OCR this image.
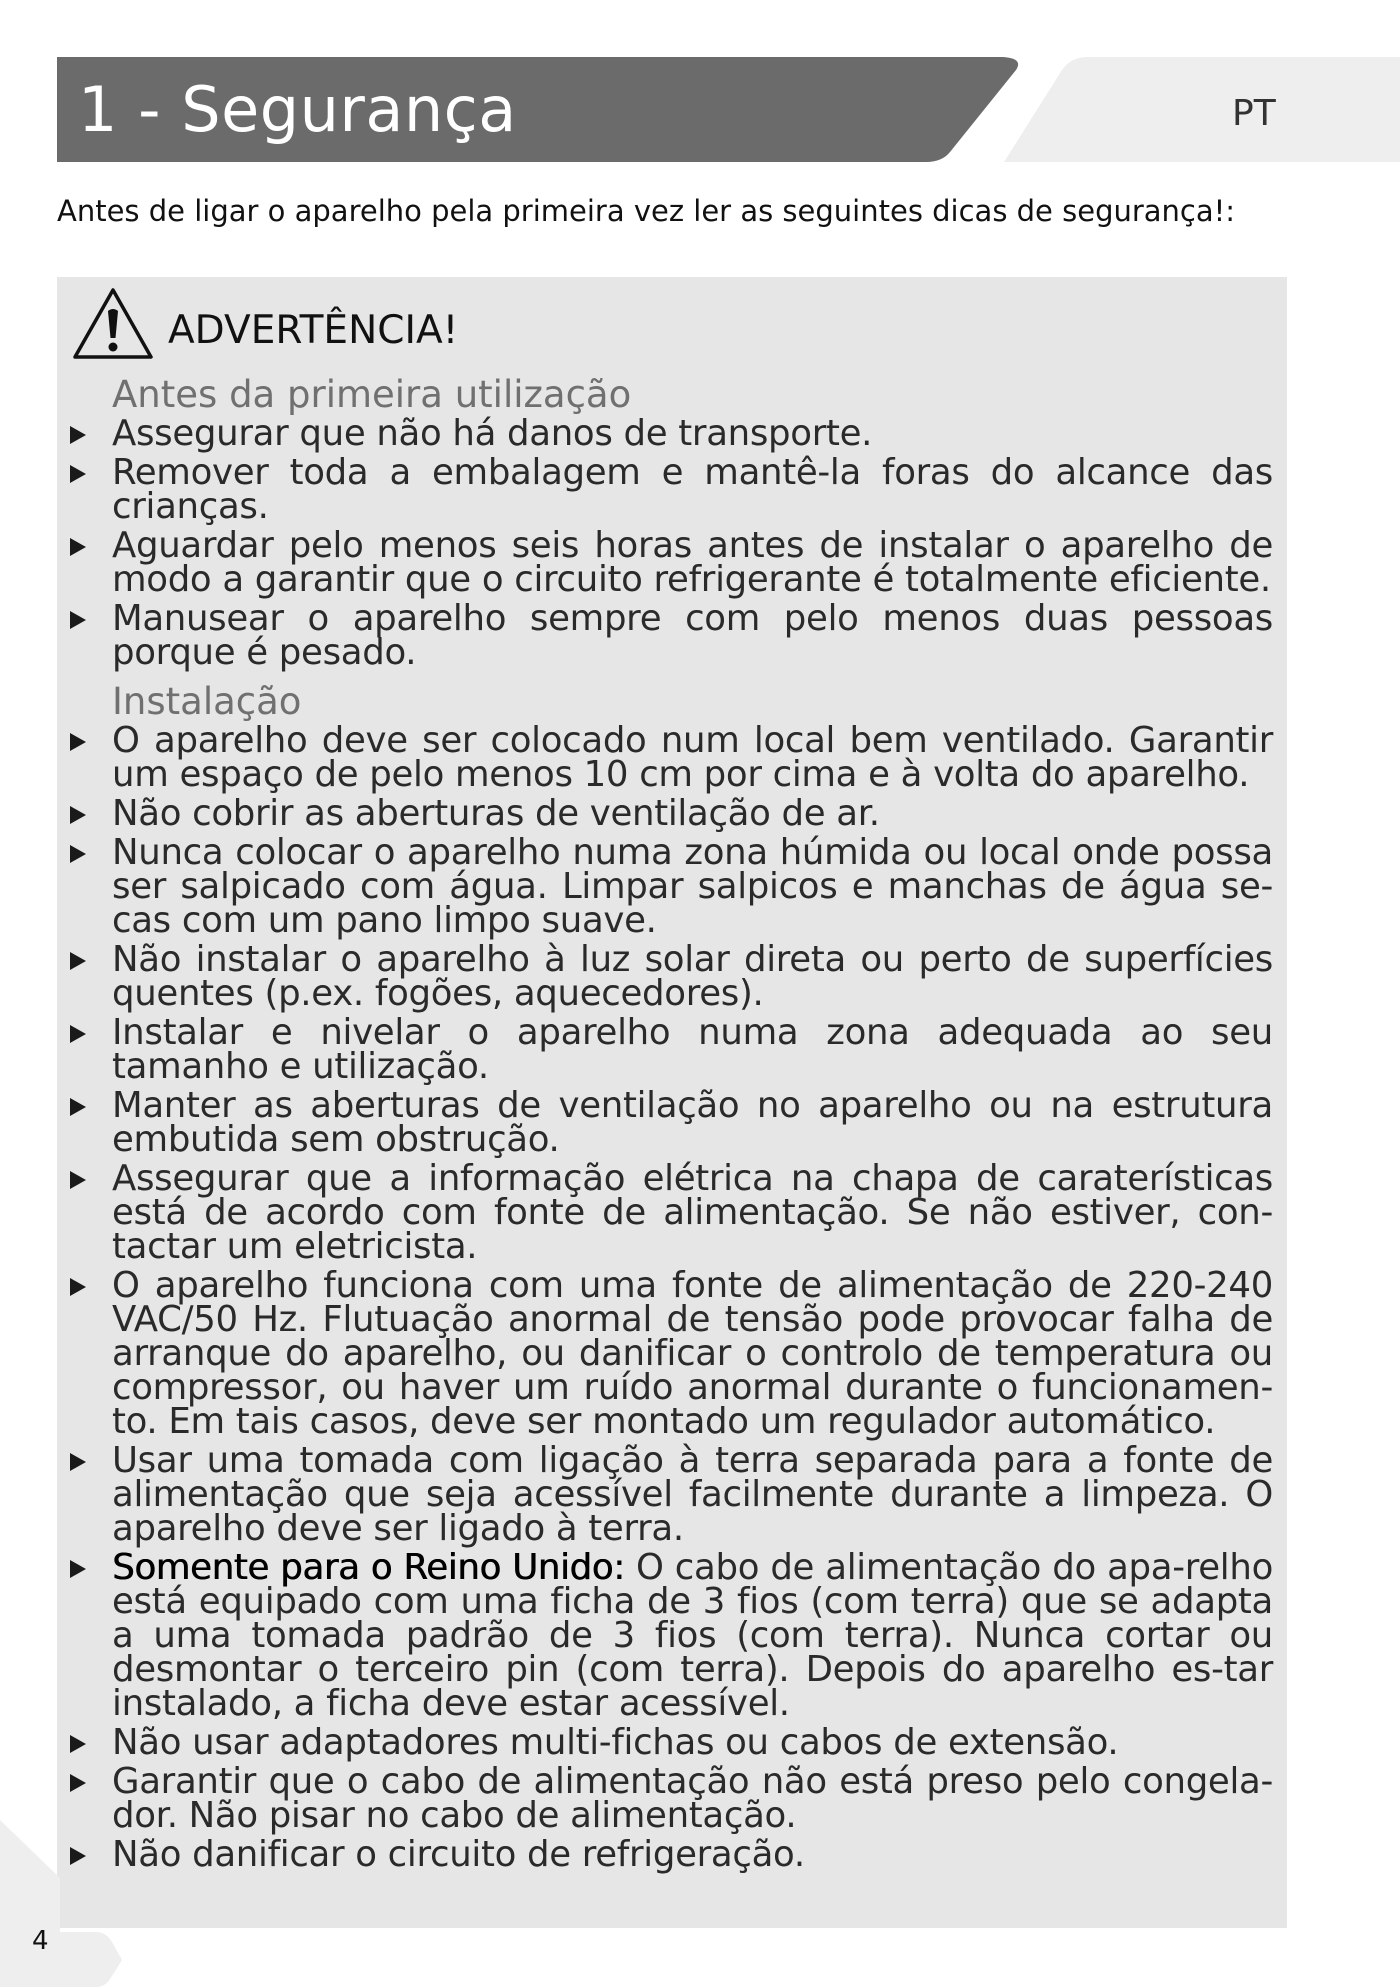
1 - Segurança	PT

Antes de ligar o aparelho pela primeira vez ler as seguintes dicas de segurança!:

ADVERTÊNCIA!
Antes da primeira utilização
Assegurar que não há danos de transporte.
Remover toda a embalagem e mantê-la foras do alcance das crianças.
Aguardar pelo menos seis horas antes de instalar o aparelho de modo a garantir que o circuito refrigerante é totalmente eficiente.
Manusear o aparelho sempre com pelo menos duas pessoas porque é pesado.
Instalação
O aparelho deve ser colocado num local bem ventilado. Garantir um espaço de pelo menos 10 cm por cima e à volta do aparelho.
Não cobrir as aberturas de ventilação de ar.
Nunca colocar o aparelho numa zona húmida ou local onde possa ser salpicado com água. Limpar salpicos e manchas de água se-cas com um pano limpo suave.
Não instalar o aparelho à luz solar direta ou perto de superfícies quentes (p.ex. fogões, aquecedores).
Instalar e nivelar o aparelho numa zona adequada ao seu tamanho e utilização.
Manter as aberturas de ventilação no aparelho ou na estrutura embutida sem obstrução.
Assegurar que a informação elétrica na chapa de caraterísticas está de acordo com fonte de alimentação. Se não estiver, con-tactar um eletricista.
O aparelho funciona com uma fonte de alimentação de 220-240 VAC/50 Hz. Flutuação anormal de tensão pode provocar falha de arranque do aparelho, ou danificar o controlo de temperatura ou compressor, ou haver um ruído anormal durante o funcionamen-to. Em tais casos, deve ser montado um regulador automático.
Usar uma tomada com ligação à terra separada para a fonte de alimentação que seja acessível facilmente durante a limpeza. O aparelho deve ser ligado à terra.
Somente para o Reino Unido: O cabo de alimentação do apa-relho está equipado com uma ficha de 3 fios (com terra) que se adapta a uma tomada padrão de 3 fios (com terra). Nunca cortar ou desmontar o terceiro pin (com terra). Depois do aparelho es-tar instalado, a ficha deve estar acessível.
Não usar adaptadores multi-fichas ou cabos de extensão.
Garantir que o cabo de alimentação não está preso pelo congela-dor. Não pisar no cabo de alimentação.
Não danificar o circuito de refrigeração.
4
